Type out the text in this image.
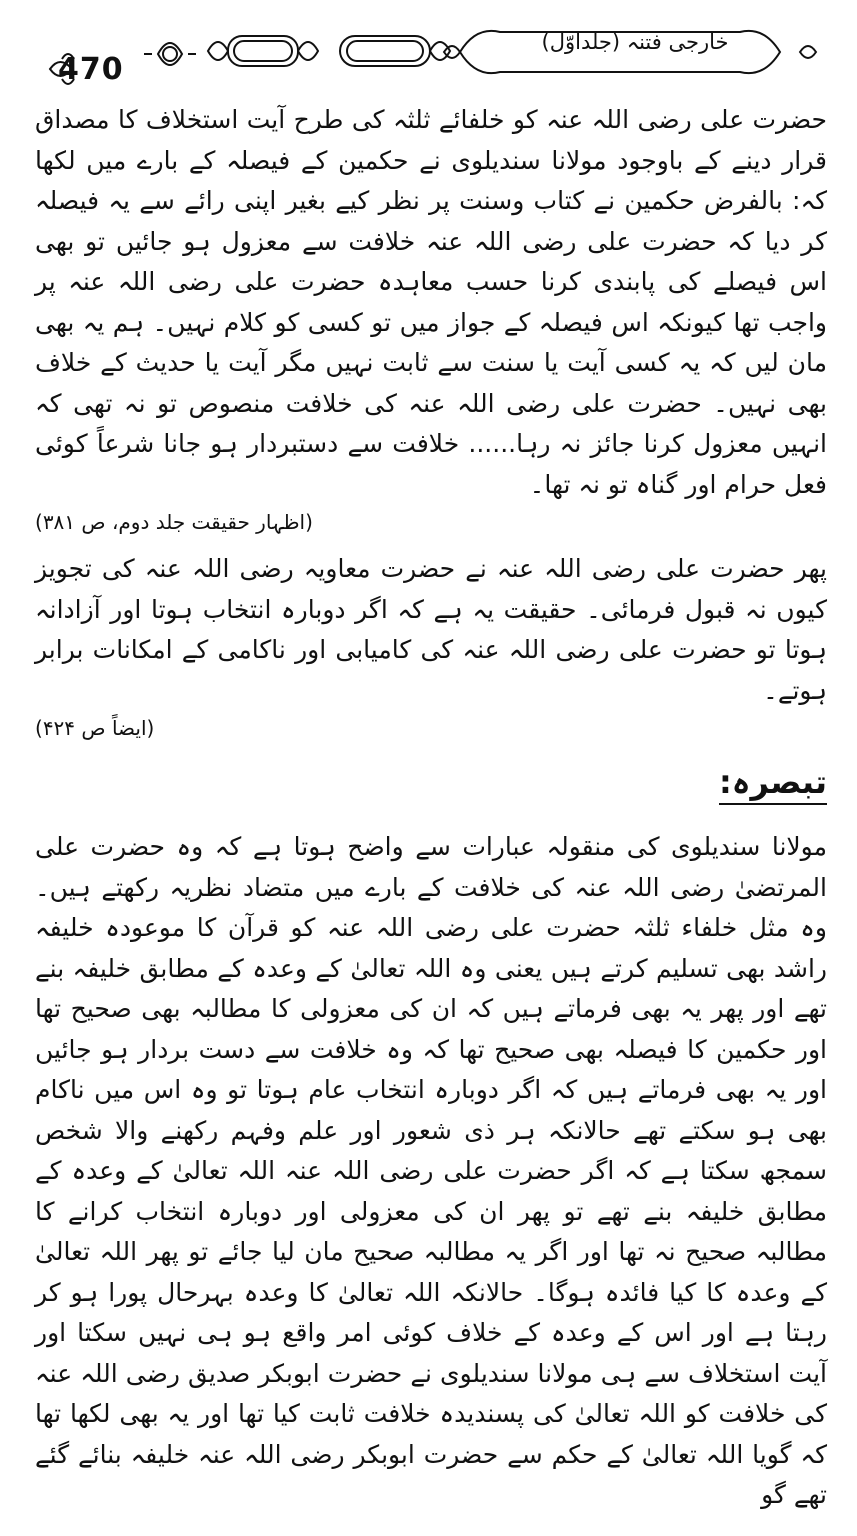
خارجی فتنہ (جلداوّل)
470

حضرت علی رضی اللہ عنہ کو خلفائے ثلثہ کی طرح آیت استخلاف کا مصداق قرار دینے کے باوجود مولانا سندیلوی نے حکمین کے فیصلہ کے بارے میں لکھا کہ: بالفرض حکمین نے کتاب وسنت پر نظر کیے بغیر اپنی رائے سے یہ فیصلہ کر دیا کہ حضرت علی رضی اللہ عنہ خلافت سے معزول ہو جائیں تو بھی اس فیصلے کی پابندی کرنا حسب معاہدہ حضرت علی رضی اللہ عنہ پر واجب تھا کیونکہ اس فیصلہ کے جواز میں تو کسی کو کلام نہیں۔ ہم یہ بھی مان لیں کہ یہ کسی آیت یا سنت سے ثابت نہیں مگر آیت یا حدیث کے خلاف بھی نہیں۔ حضرت علی رضی اللہ عنہ کی خلافت منصوص تو نہ تھی کہ انہیں معزول کرنا جائز نہ رہا...... خلافت سے دستبردار ہو جانا شرعاً کوئی فعل حرام اور گناہ تو نہ تھا۔

(اظہار حقیقت جلد دوم، ص ۳۸۱)

پھر حضرت علی رضی اللہ عنہ نے حضرت معاویہ رضی اللہ عنہ کی تجویز کیوں نہ قبول فرمائی۔ حقیقت یہ ہے کہ اگر دوبارہ انتخاب ہوتا اور آزادانہ ہوتا تو حضرت علی رضی اللہ عنہ کی کامیابی اور ناکامی کے امکانات برابر ہوتے۔

(ایضاً ص ۴۲۴)

تبصرہ:

مولانا سندیلوی کی منقولہ عبارات سے واضح ہوتا ہے کہ وہ حضرت علی المرتضیٰ رضی اللہ عنہ کی خلافت کے بارے میں متضاد نظریہ رکھتے ہیں۔ وہ مثل خلفاء ثلثہ حضرت علی رضی اللہ عنہ کو قرآن کا موعودہ خلیفہ راشد بھی تسلیم کرتے ہیں یعنی وہ اللہ تعالیٰ کے وعدہ کے مطابق خلیفہ بنے تھے اور پھر یہ بھی فرماتے ہیں کہ ان کی معزولی کا مطالبہ بھی صحیح تھا اور حکمین کا فیصلہ بھی صحیح تھا کہ وہ خلافت سے دست بردار ہو جائیں اور یہ بھی فرماتے ہیں کہ اگر دوبارہ انتخاب عام ہوتا تو وہ اس میں ناکام بھی ہو سکتے تھے حالانکہ ہر ذی شعور اور علم وفہم رکھنے والا شخص سمجھ سکتا ہے کہ اگر حضرت علی رضی اللہ عنہ اللہ تعالیٰ کے وعدہ کے مطابق خلیفہ بنے تھے تو پھر ان کی معزولی اور دوبارہ انتخاب کرانے کا مطالبہ صحیح نہ تھا اور اگر یہ مطالبہ صحیح مان لیا جائے تو پھر اللہ تعالیٰ کے وعدہ کا کیا فائدہ ہوگا۔ حالانکہ اللہ تعالیٰ کا وعدہ بہرحال پورا ہو کر رہتا ہے اور اس کے وعدہ کے خلاف کوئی امر واقع ہو ہی نہیں سکتا اور آیت استخلاف سے ہی مولانا سندیلوی نے حضرت ابوبکر صدیق رضی اللہ عنہ کی خلافت کو اللہ تعالیٰ کی پسندیدہ خلافت ثابت کیا تھا اور یہ بھی لکھا تھا کہ گویا اللہ تعالیٰ کے حکم سے حضرت ابوبکر رضی اللہ عنہ خلیفہ بنائے گئے تھے گو
